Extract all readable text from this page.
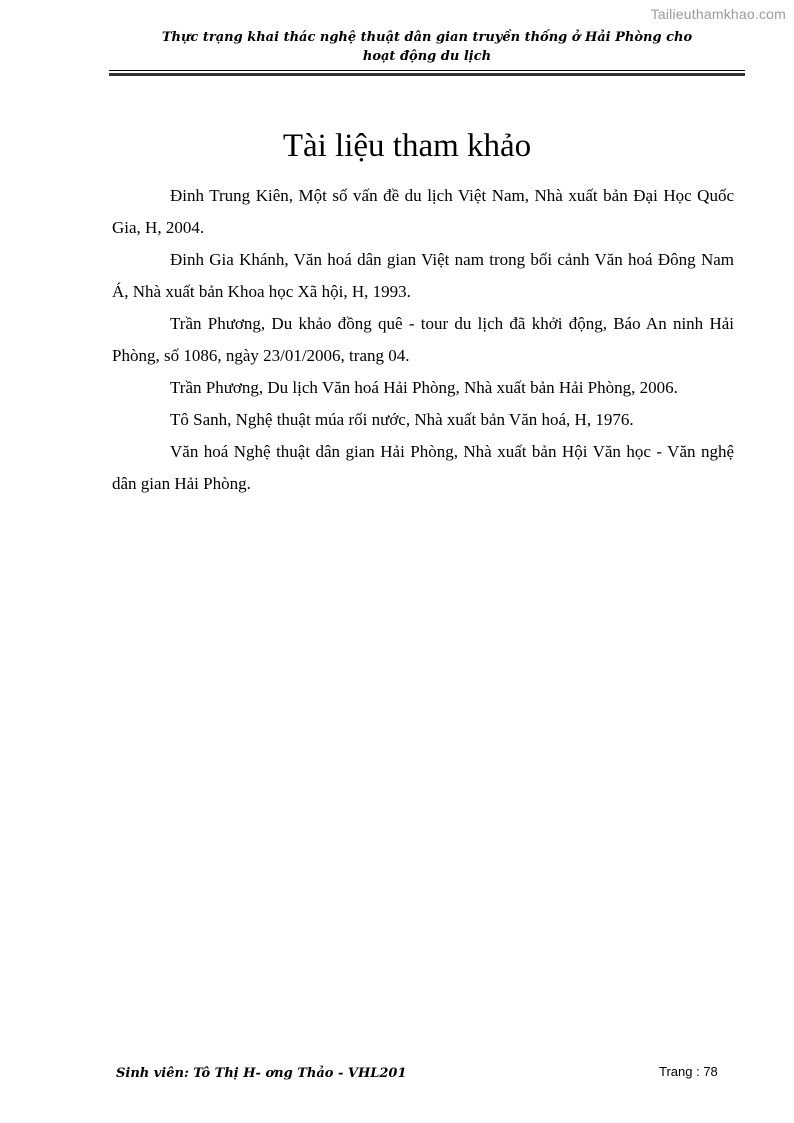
Tailieuthamkhao.com
Thực trạng khai thác nghệ thuật dân gian truyền thống ở Hải Phòng cho
hoạt động du lịch
Tài liệu tham khảo

Đinh Trung Kiên, Một số vấn đề du lịch Việt Nam, Nhà xuất bản Đại Học Quốc Gia, H, 2004.

Đinh Gia Khánh, Văn hoá dân gian Việt nam trong bối cảnh Văn hoá Đông Nam Á, Nhà xuất bản Khoa học Xã hội, H, 1993.

Trần Phương, Du khảo đồng quê - tour du lịch đã khởi động, Báo An ninh Hải Phòng, số 1086, ngày 23/01/2006, trang 04.

Trần Phương, Du lịch Văn hoá Hải Phòng, Nhà xuất bản Hải Phòng, 2006.

Tô Sanh, Nghệ thuật múa rối nước, Nhà xuất bản Văn hoá, H, 1976.

Văn hoá Nghệ thuật dân gian Hải Phòng, Nhà xuất bản Hội Văn học - Văn nghệ dân gian Hải Phòng.

Sinh viên: Tô Thị H- ơng Thảo - VHL201	Trang : 78
